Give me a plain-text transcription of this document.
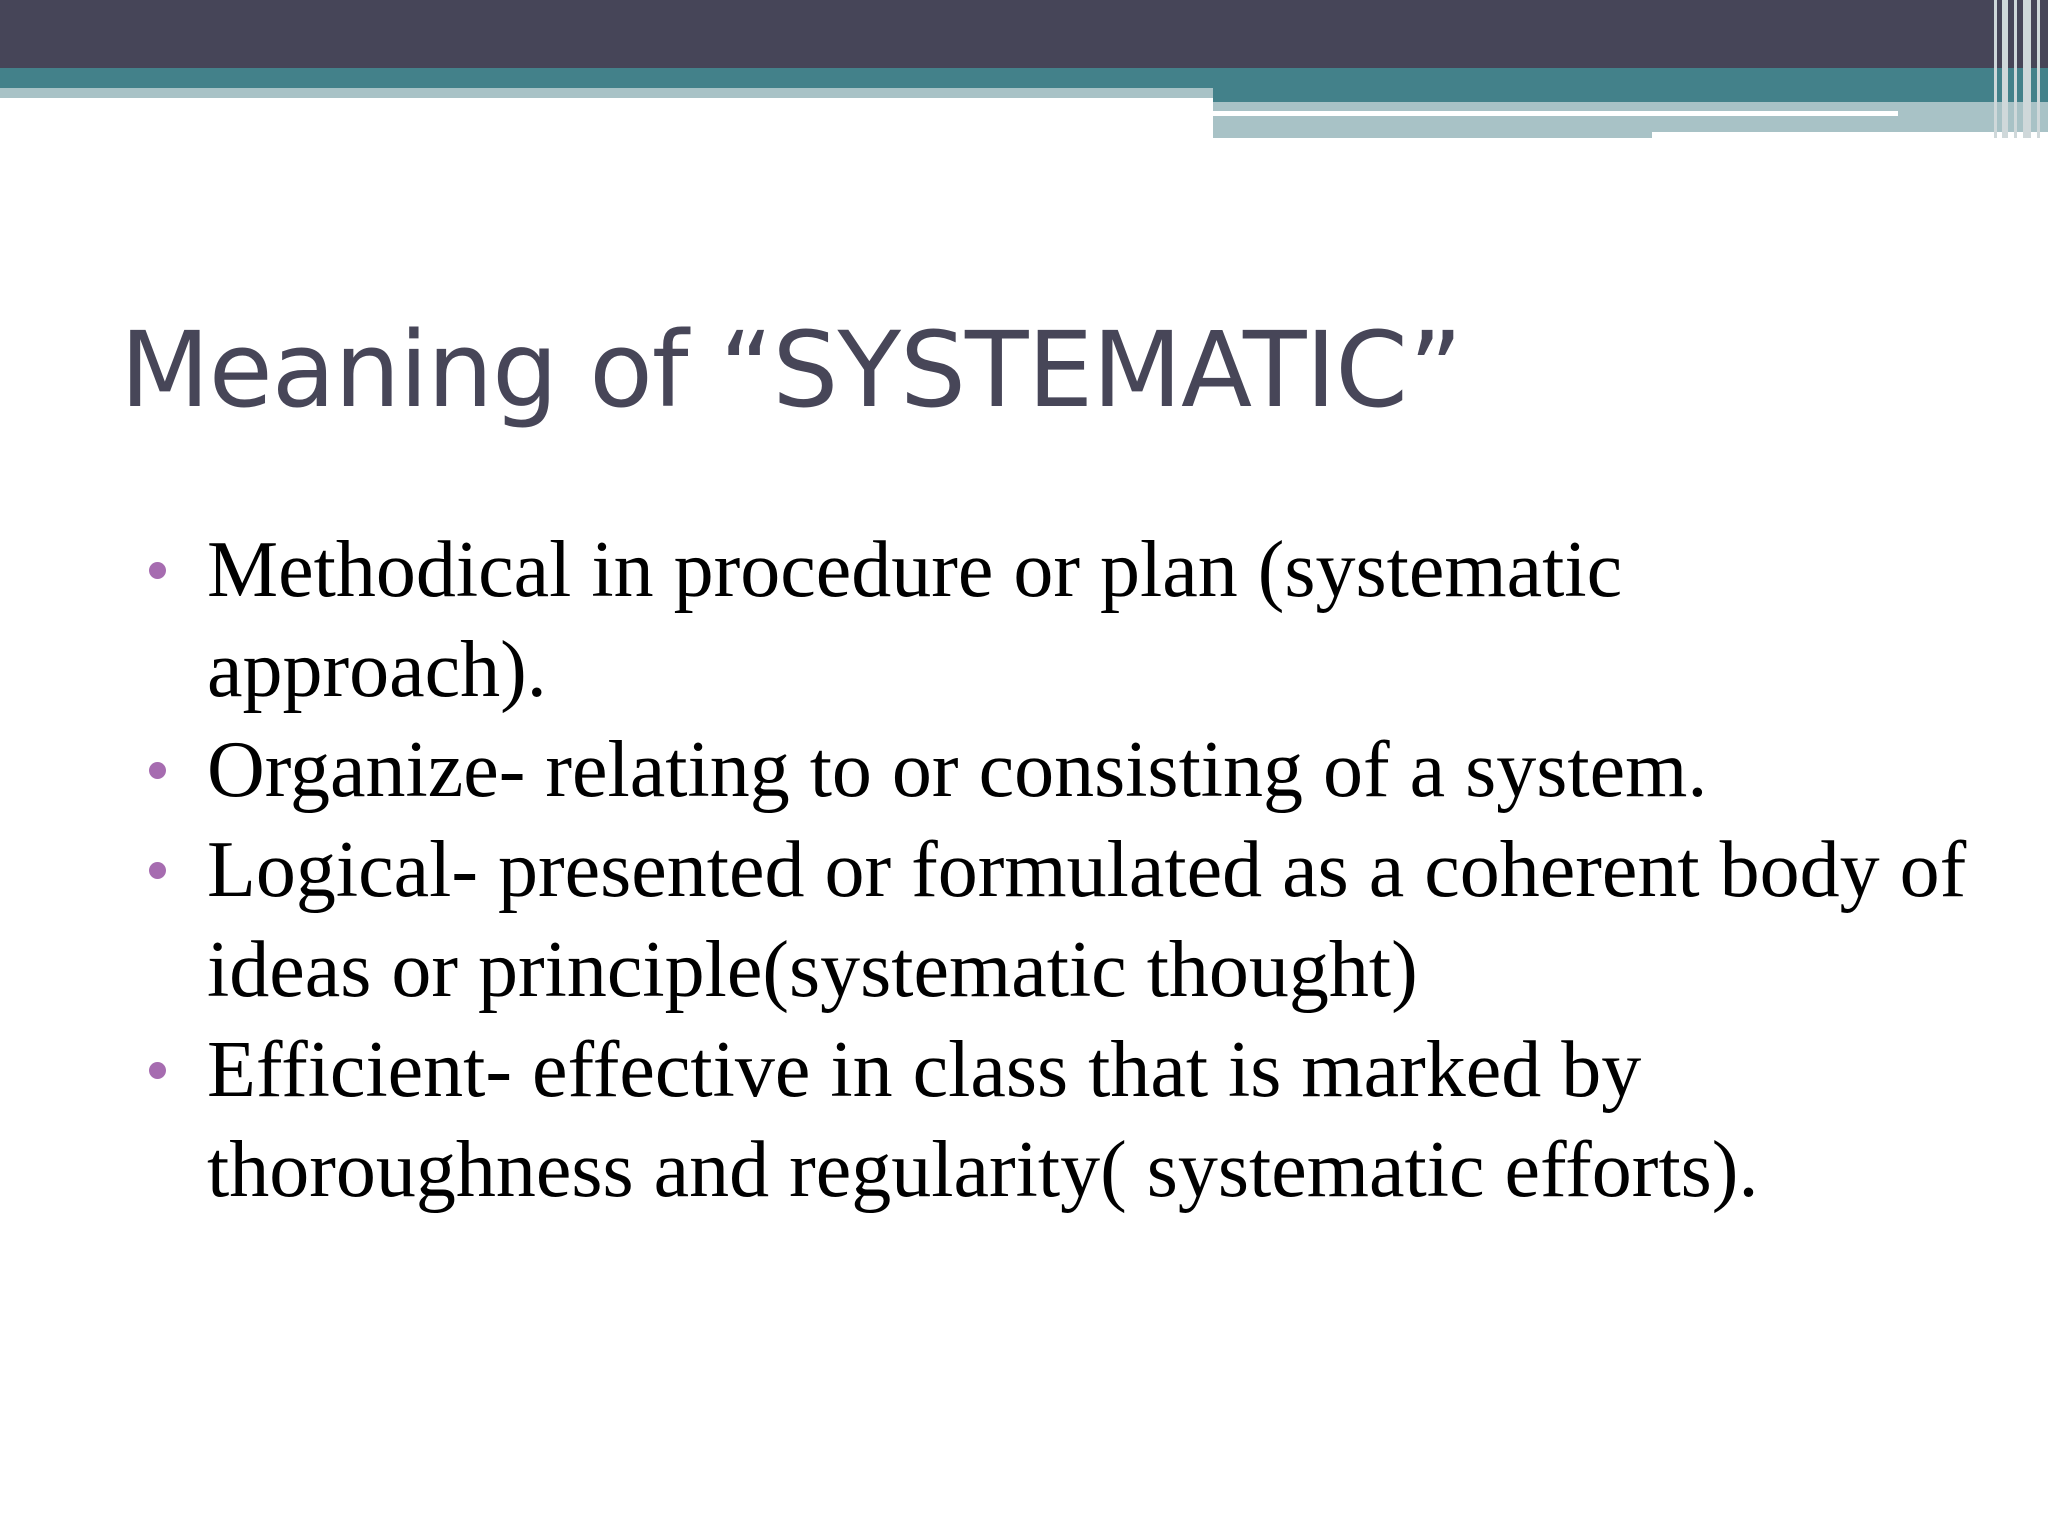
Meaning of “SYSTEMATIC”
Methodical in procedure or plan (systematic approach).
Organize- relating to or consisting of a system.
Logical- presented or formulated as a coherent body of ideas or principle(systematic thought)
Efficient- effective in class that is marked by thoroughness and regularity( systematic efforts).
